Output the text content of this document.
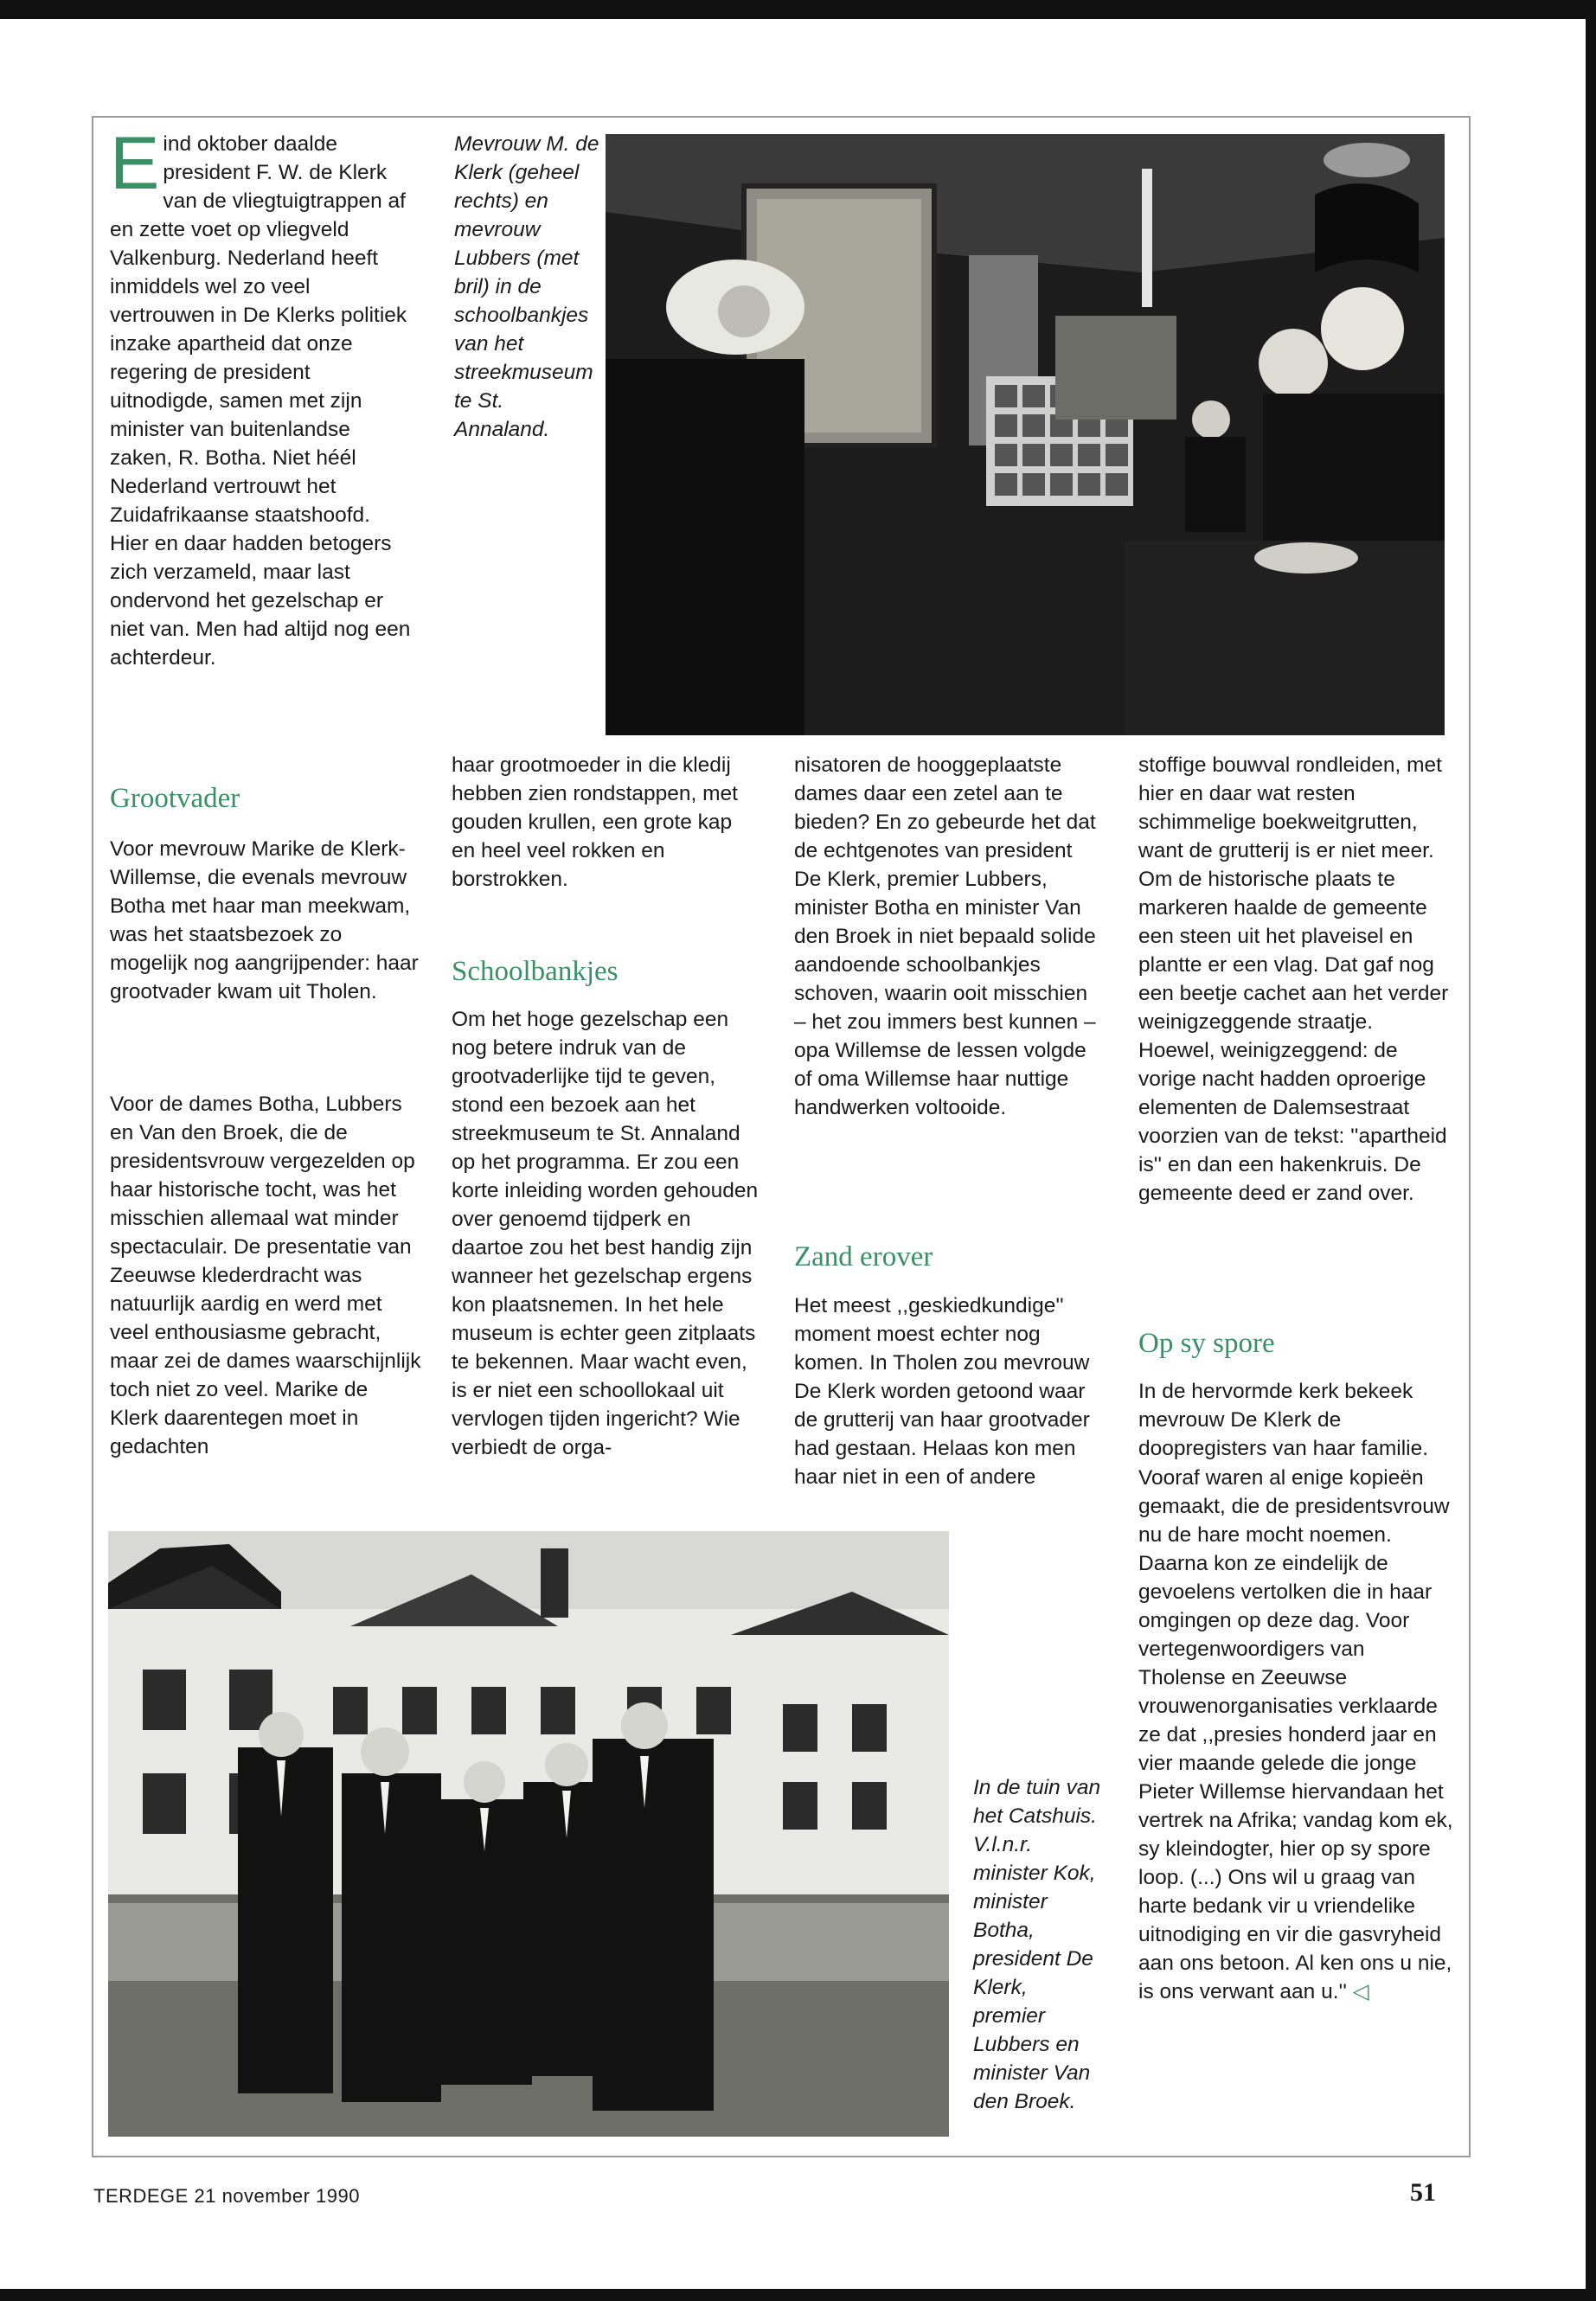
Eind oktober daalde president F. W. de Klerk van de vliegtuigtrappen af en zette voet op vliegveld Valkenburg. Nederland heeft inmiddels wel zo veel vertrouwen in De Klerks politiek inzake apartheid dat onze regering de president uitnodigde, samen met zijn minister van buitenlandse zaken, R. Botha. Niet héél Nederland vertrouwt het Zuidafrikaanse staatshoofd. Hier en daar hadden betogers zich verzameld, maar last ondervond het gezelschap er niet van. Men had altijd nog een achterdeur.

Mevrouw M. de Klerk (geheel rechts) en mevrouw Lubbers (met bril) in de schoolbankjes van het streekmuseum te St. Annaland.

Grootvader

Voor mevrouw Marike de Klerk-Willemse, die evenals mevrouw Botha met haar man meekwam, was het staatsbezoek zo mogelijk nog aangrijpender: haar grootvader kwam uit Tholen.

Voor de dames Botha, Lubbers en Van den Broek, die de presidentsvrouw vergezelden op haar historische tocht, was het misschien allemaal wat minder spectaculair. De presentatie van Zeeuwse klederdracht was natuurlijk aardig en werd met veel enthousiasme gebracht, maar zei de dames waarschijnlijk toch niet zo veel. Marike de Klerk daarentegen moet in gedachten

haar grootmoeder in die kledij hebben zien rondstappen, met gouden krullen, een grote kap en heel veel rokken en borstrokken.

Schoolbankjes

Om het hoge gezelschap een nog betere indruk van de grootvaderlijke tijd te geven, stond een bezoek aan het streekmuseum te St. Annaland op het programma. Er zou een korte inleiding worden gehouden over genoemd tijdperk en daartoe zou het best handig zijn wanneer het gezelschap ergens kon plaatsnemen. In het hele museum is echter geen zitplaats te bekennen. Maar wacht even, is er niet een schoollokaal uit vervlogen tijden ingericht? Wie verbiedt de orga-

nisatoren de hooggeplaatste dames daar een zetel aan te bieden? En zo gebeurde het dat de echtgenotes van president De Klerk, premier Lubbers, minister Botha en minister Van den Broek in niet bepaald solide aandoende schoolbankjes schoven, waarin ooit misschien – het zou immers best kunnen – opa Willemse de lessen volgde of oma Willemse haar nuttige handwerken voltooide.

Zand erover

Het meest ,,geskiedkundige'' moment moest echter nog komen. In Tholen zou mevrouw De Klerk worden getoond waar de grutterij van haar grootvader had gestaan. Helaas kon men haar niet in een of andere

stoffige bouwval rondleiden, met hier en daar wat resten schimmelige boekweitgrutten, want de grutterij is er niet meer. Om de historische plaats te markeren haalde de gemeente een steen uit het plaveisel en plantte er een vlag. Dat gaf nog een beetje cachet aan het verder weinigzeggende straatje. Hoewel, weinigzeggend: de vorige nacht hadden oproerige elementen de Dalemsestraat voorzien van de tekst: ''apartheid is'' en dan een hakenkruis. De gemeente deed er zand over.

Op sy spore

In de hervormde kerk bekeek mevrouw De Klerk de doopregisters van haar familie.

Vooraf waren al enige kopieën gemaakt, die de presidentsvrouw nu de hare mocht noemen. Daarna kon ze eindelijk de gevoelens vertolken die in haar omgingen op deze dag. Voor vertegenwoordigers van Tholense en Zeeuwse vrouwenorganisaties verklaarde ze dat ,,presies honderd jaar en vier maande gelede die jonge Pieter Willemse hiervandaan het vertrek na Afrika; vandag kom ek, sy kleindogter, hier op sy spore loop. (...) Ons wil u graag van harte bedank vir u vriendelike uitnodiging en vir die gasvryheid aan ons betoon. Al ken ons u nie, is ons verwant aan u.'' ◁

In de tuin van het Catshuis. V.l.n.r. minister Kok, minister Botha, president De Klerk, premier Lubbers en minister Van den Broek.

TERDEGE 21 november 1990	51
